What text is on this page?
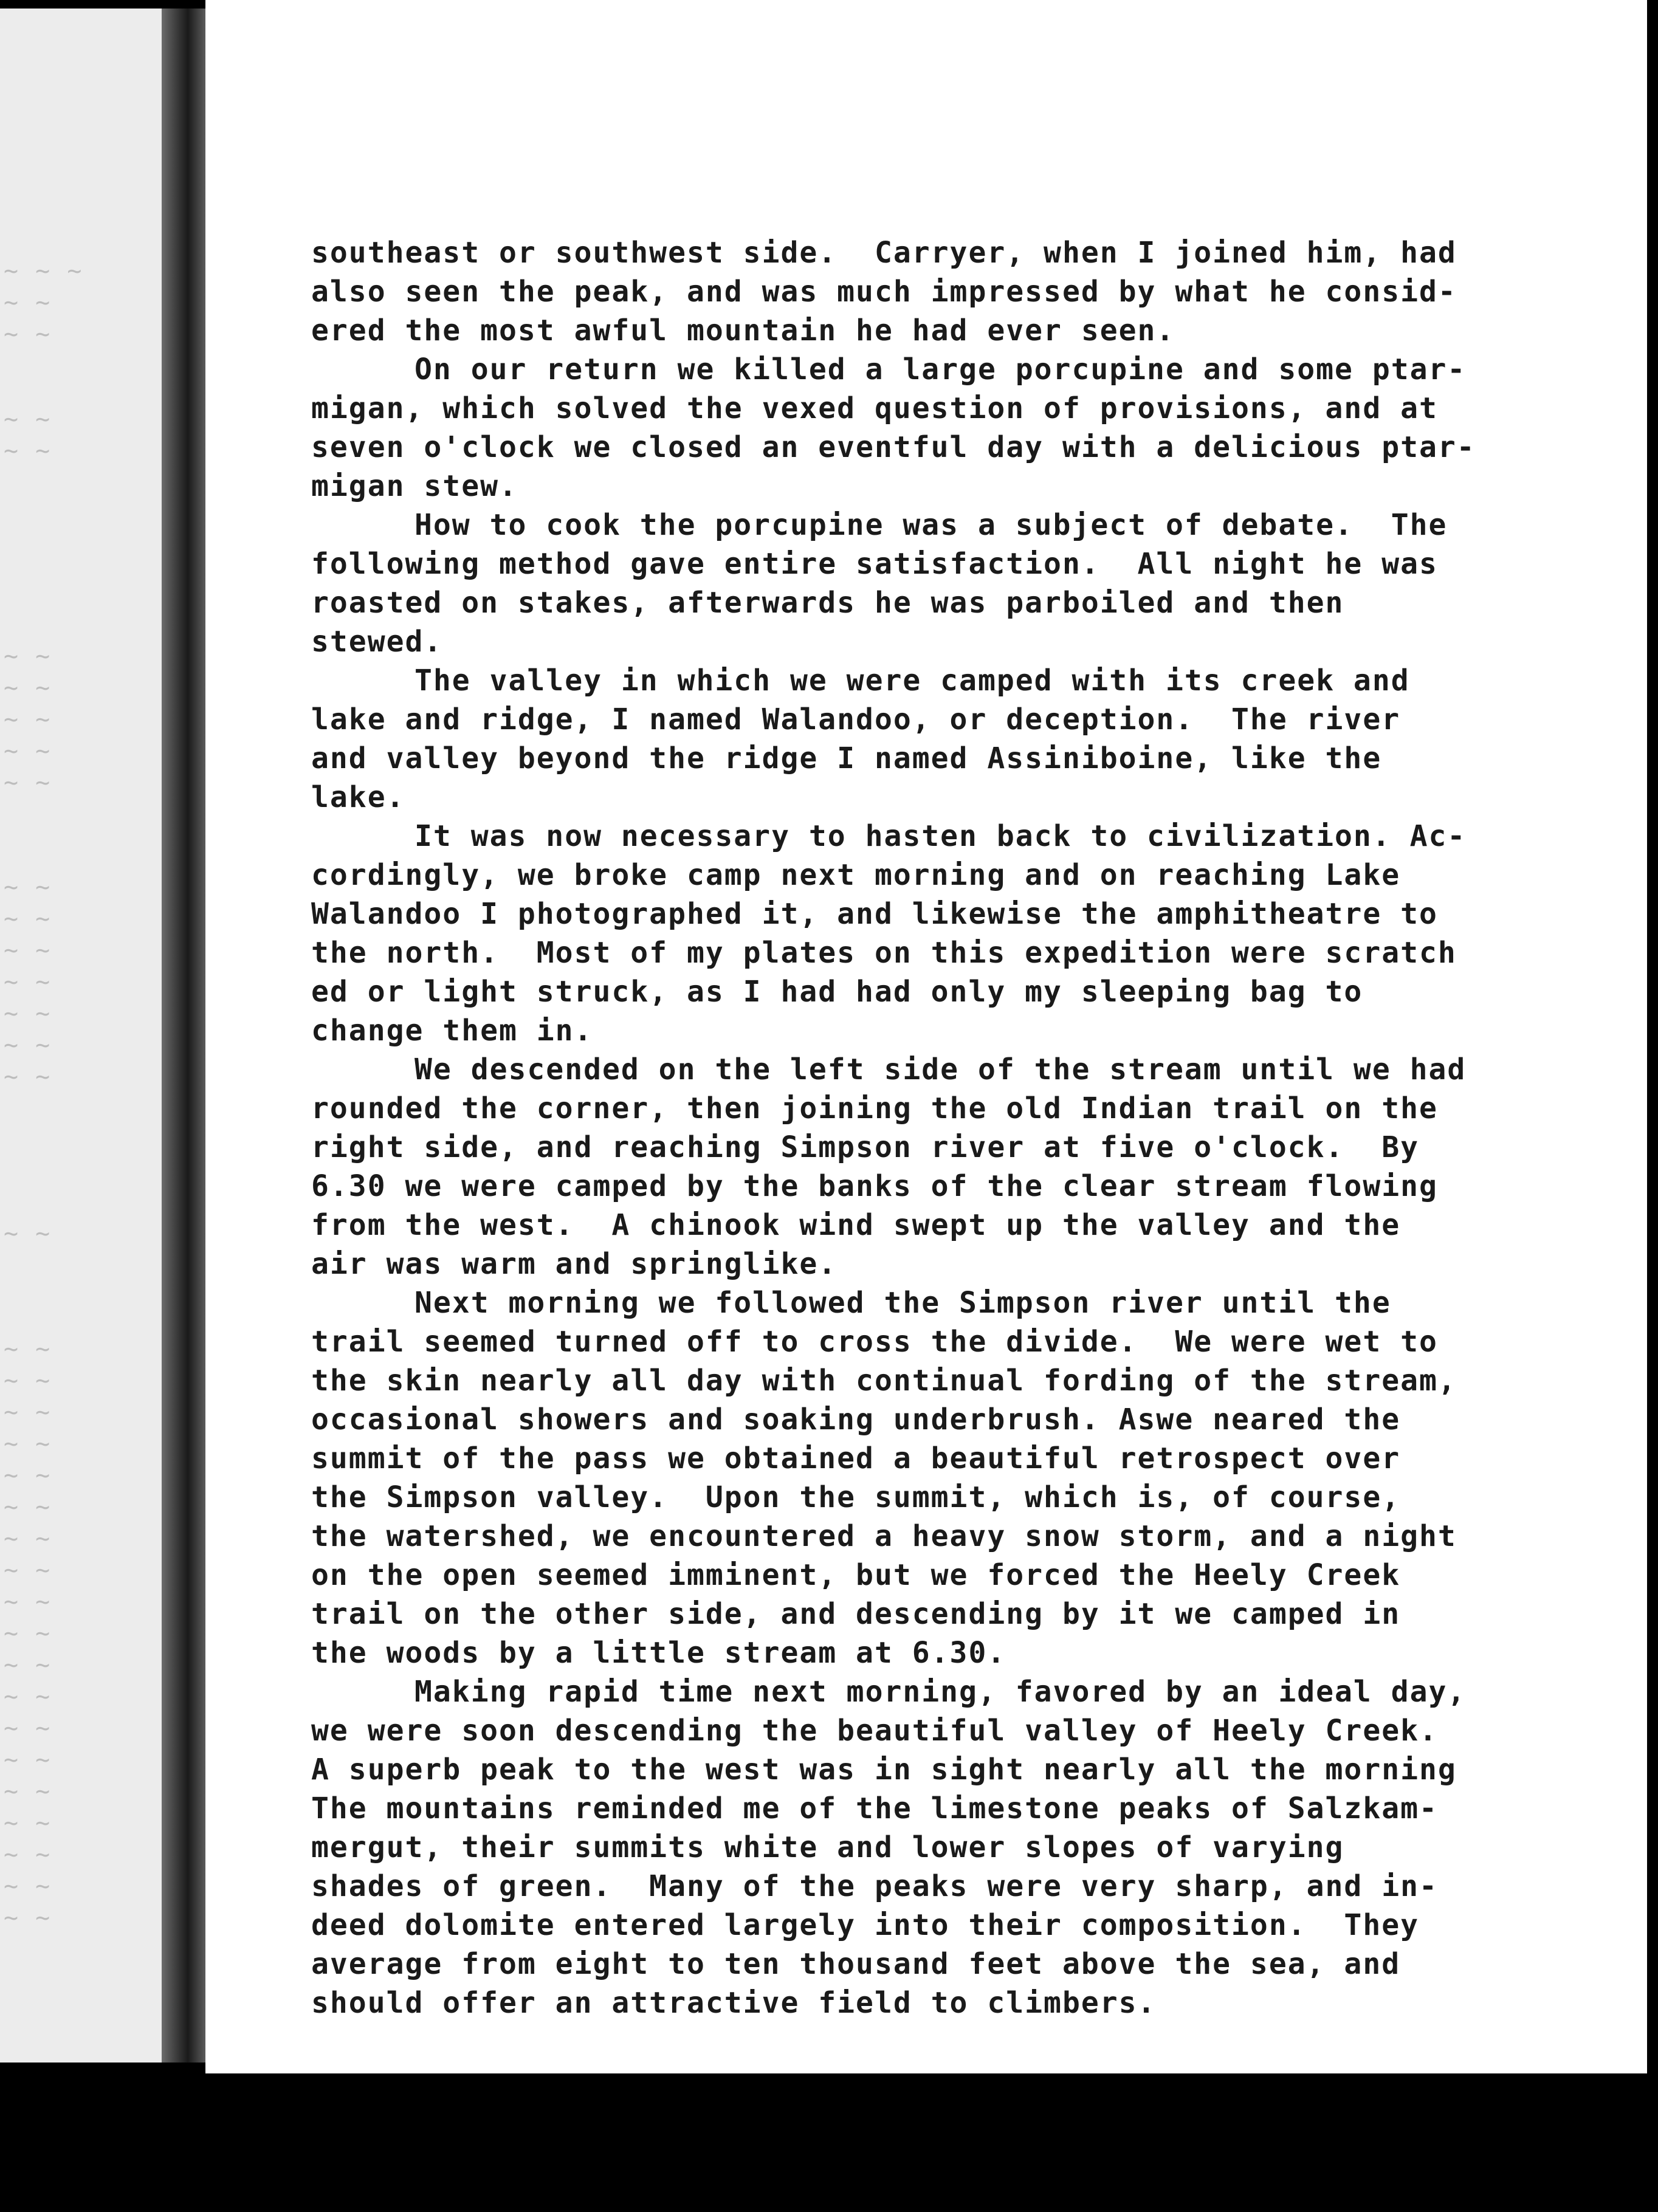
~ ~ ~
~ ~
~ ~
~ ~
~ ~
~ ~
~ ~
~ ~
~ ~
~ ~
~ ~
~ ~
~ ~
~ ~
~ ~
~ ~
~ ~
~ ~
~ ~
~ ~
~ ~
~ ~
~ ~
~ ~
~ ~
~ ~
~ ~
~ ~
~ ~
~ ~
~ ~
~ ~
~ ~
~ ~
~ ~
~ ~
~ ~
southeast or southwest side.  Carryer, when I joined him, had
also seen the peak, and was much impressed by what he consid-
ered the most awful mountain he had ever seen.
On our return we killed a large porcupine and some ptar-
migan, which solved the vexed question of provisions, and at
seven o'clock we closed an eventful day with a delicious ptar-
migan stew.
How to cook the porcupine was a subject of debate.  The
following method gave entire satisfaction.  All night he was
roasted on stakes, afterwards he was parboiled and then
stewed.
The valley in which we were camped with its creek and
lake and ridge, I named Walandoo, or deception.  The river
and valley beyond the ridge I named Assiniboine, like the
lake.
It was now necessary to hasten back to civilization. Ac-
cordingly, we broke camp next morning and on reaching Lake
Walandoo I photographed it, and likewise the amphitheatre to
the north.  Most of my plates on this expedition were scratch
ed or light struck, as I had had only my sleeping bag to
change them in.
We descended on the left side of the stream until we had
rounded the corner, then joining the old Indian trail on the
right side, and reaching Simpson river at five o'clock.  By
6.30 we were camped by the banks of the clear stream flowing
from the west.  A chinook wind swept up the valley and the
air was warm and springlike.
Next morning we followed the Simpson river until the
trail seemed turned off to cross the divide.  We were wet to
the skin nearly all day with continual fording of the stream,
occasional showers and soaking underbrush. Aswe neared the
summit of the pass we obtained a beautiful retrospect over
the Simpson valley.  Upon the summit, which is, of course,
the watershed, we encountered a heavy snow storm, and a night
on the open seemed imminent, but we forced the Heely Creek
trail on the other side, and descending by it we camped in
the woods by a little stream at 6.30.
Making rapid time next morning, favored by an ideal day,
we were soon descending the beautiful valley of Heely Creek.
A superb peak to the west was in sight nearly all the morning
The mountains reminded me of the limestone peaks of Salzkam-
mergut, their summits white and lower slopes of varying
shades of green.  Many of the peaks were very sharp, and in-
deed dolomite entered largely into their composition.  They
average from eight to ten thousand feet above the sea, and
should offer an attractive field to climbers.
